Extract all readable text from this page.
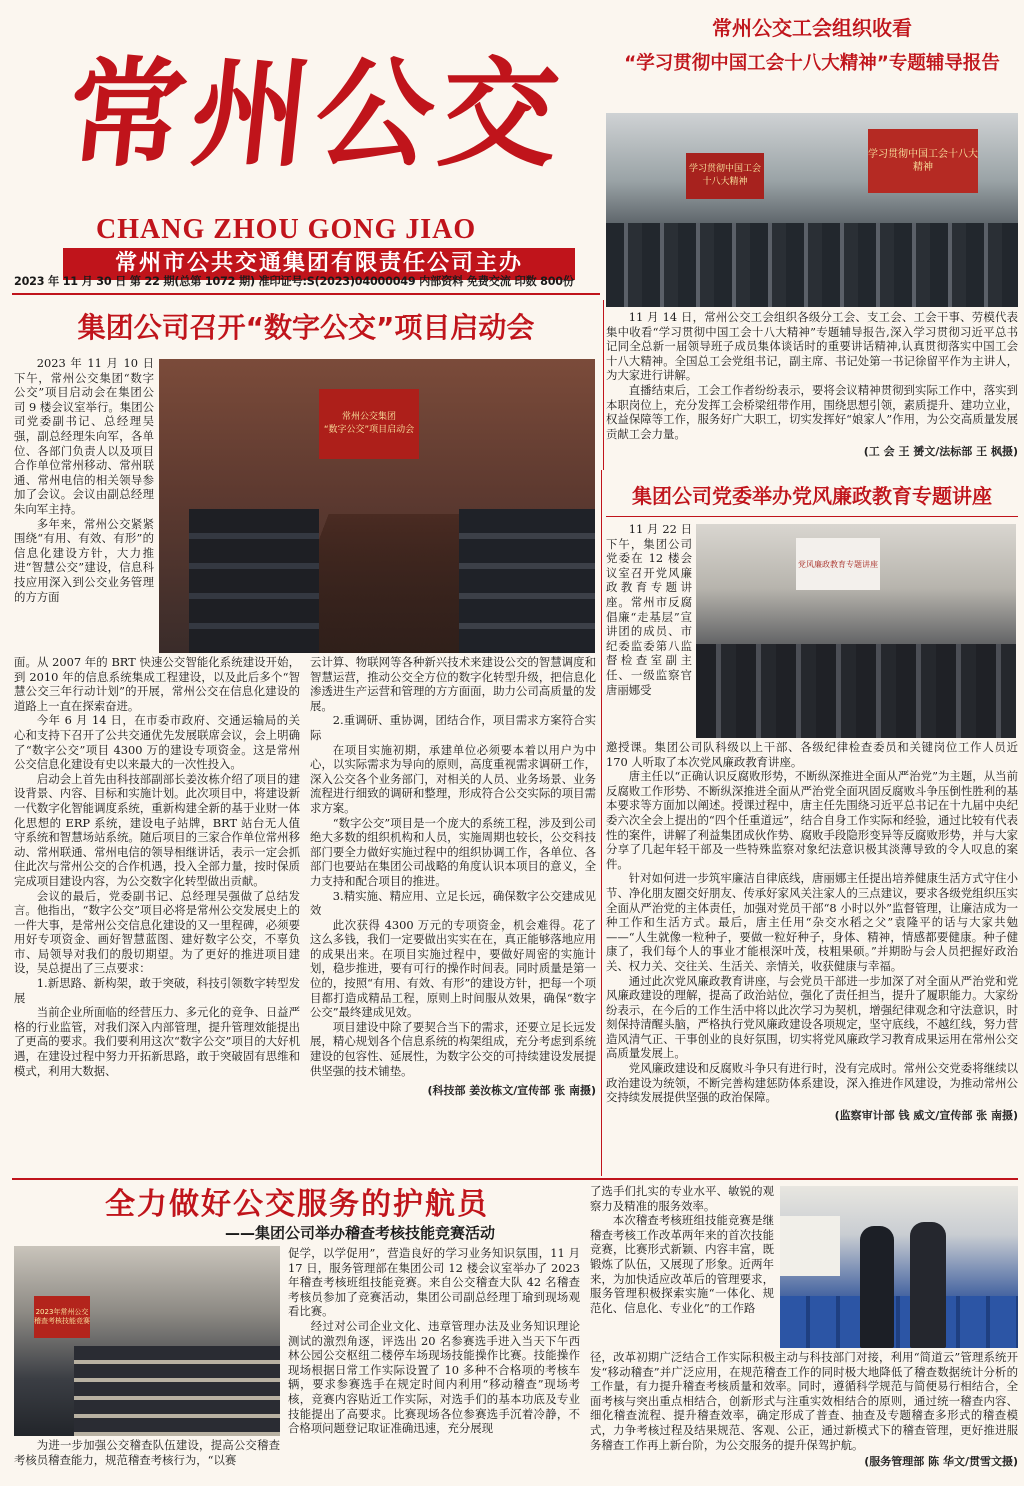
常州公交
CHANG ZHOU GONG JIAO
常州市公共交通集团有限责任公司主办
2023 年 11 月 30 日 第 22 期(总第 1072 期) 准印证号:S(2023)04000049 内部资料 免费交流 印数 800份
常州公交工会组织收看
“学习贯彻中国工会十八大精神”专题辅导报告
学习贯彻中国工会十八大精神
学习贯彻中国工会十八大精神

11 月 14 日，常州公交工会组织各级分工会、支工会、工会干事、劳模代表集中收看“学习贯彻中国工会十八大精神”专题辅导报告,深入学习贯彻习近平总书记同全总新一届领导班子成员集体谈话时的重要讲话精神,认真贯彻落实中国工会十八大精神。全国总工会党组书记，副主席、书记处第一书记徐留平作为主讲人，为大家进行讲解。

直播结束后，工会工作者纷纷表示，要将会议精神贯彻到实际工作中，落实到本职岗位上，充分发挥工会桥梁纽带作用，围绕思想引领，素质提升、建功立业，权益保障等工作，服务好广大职工，切实发挥好“娘家人”作用，为公交高质量发展贡献工会力量。

(工 会 王 赟文/法标部 王 枫摄)

集团公司召开“数字公交”项目启动会
常州公交集团
“数字公交”项目启动会

2023 年 11 月 10 日下午，常州公交集团“数字公交”项目启动会在集团公司 9 楼会议室举行。集团公司党委副书记、总经理吴强，副总经理朱向军，各单位、各部门负责人以及项目合作单位常州移动、常州联通、常州电信的相关领导参加了会议。会议由副总经理朱向军主持。

多年来，常州公交紧紧围绕“有用、有效、有形”的信息化建设方针，大力推进“智慧公交”建设，信息科技应用深入到公交业务管理的方方面

面。从 2007 年的 BRT 快速公交智能化系统建设开始，到 2010 年的信息系统集成工程建设，以及此后多个“智慧公交三年行动计划”的开展，常州公交在信息化建设的道路上一直在探索奋进。

今年 6 月 14 日，在市委市政府、交通运输局的关心和支持下召开了公共交通优先发展联席会议，会上明确了“数字公交”项目 4300 万的建设专项资金。这是常州公交信息化建设有史以来最大的一次性投入。

启动会上首先由科技部副部长姜汝栋介绍了项目的建设背景、内容、目标和实施计划。此次项目中，将建设新一代数字化智能调度系统，重新构建全新的基于业财一体化思想的 ERP 系统，建设电子站牌，BRT 站台无人值守系统和智慧场站系统。随后项目的三家合作单位常州移动、常州联通、常州电信的领导相继讲话，表示一定会抓住此次与常州公交的合作机遇，投入全部力量，按时保质完成项目建设内容，为公交数字化转型做出贡献。

会议的最后，党委副书记、总经理吴强做了总结发言。他指出，“数字公交”项目必将是常州公交发展史上的一件大事，是常州公交信息化建设的又一里程碑，必须要用好专项资金、画好智慧蓝图、建好数字公交，不辜负市、局领导对我们的殷切期望。为了更好的推进项目建设，吴总提出了三点要求：

1.新思路、新构架，敢于突破，科技引领数字转型发展

当前企业所面临的经营压力、多元化的竞争、日益严格的行业监管，对我们深入内部管理，提升管理效能提出了更高的要求。我们要利用这次“数字公交”项目的大好机遇，在建设过程中努力开拓新思路，敢于突破固有思维和模式，利用大数据、

云计算、物联网等各种新兴技术来建设公交的智慧调度和智慧运营，推动公交全方位的数字化转型升级，把信息化渗透进生产运营和管理的方方面面，助力公司高质量的发展。

2.重调研、重协调，团结合作，项目需求方案符合实际

在项目实施初期，承建单位必须要本着以用户为中心，以实际需求为导向的原则，高度重视需求调研工作，深入公交各个业务部门，对相关的人员、业务场景、业务流程进行细致的调研和整理，形成符合公交实际的项目需求方案。

“数字公交”项目是一个庞大的系统工程，涉及到公司绝大多数的组织机构和人员，实施周期也较长，公交科技部门要全力做好实施过程中的组织协调工作，各单位、各部门也要站在集团公司战略的角度认识本项目的意义，全力支持和配合项目的推进。

3.精实施、精应用、立足长远，确保数字公交建成见效

此次获得 4300 万元的专项资金，机会难得。花了这么多钱，我们一定要做出实实在在，真正能够落地应用的成果出来。在项目实施过程中，要做好周密的实施计划，稳步推进，要有可行的操作时间表。同时质量是第一位的，按照“有用、有效、有形”的建设方针，把每一个项目都打造成精品工程，原则上时间服从效果，确保“数字公交”最终建成见效。

项目建设中除了要契合当下的需求，还要立足长远发展，精心规划各个信息系统的构架组成，充分考虑到系统建设的包容性、延展性，为数字公交的可持续建设发展提供坚强的技术铺垫。

(科技部 姜汝栋文/宣传部 张 南摄)

集团公司党委举办党风廉政教育专题讲座
党风廉政教育专题讲座

11 月 22 日下午，集团公司党委在 12 楼会议室召开党风廉政教育专题讲座。常州市反腐倡廉“走基层”宣讲团的成员、市纪委监委第八监督检查室副主任、一级监察官唐丽娜受

邀授课。集团公司队科级以上干部、各级纪律检查委员和关键岗位工作人员近 170 人听取了本次党风廉政教育讲座。

唐主任以“正确认识反腐败形势，不断纵深推进全面从严治党”为主题，从当前反腐败工作形势、不断纵深推进全面从严治党全面巩固反腐败斗争压倒性胜利的基本要求等方面加以阐述。授课过程中，唐主任先围绕习近平总书记在十九届中央纪委六次全会上提出的“四个任重道远”，结合自身工作实际和经验，通过比较有代表性的案件，讲解了利益集团成伙作势、腐败手段隐形变异等反腐败形势，并与大家分享了几起年轻干部及一些特殊监察对象纪法意识极其淡薄导致的令人叹息的案件。

针对如何进一步筑牢廉洁自律底线，唐丽娜主任提出培养健康生活方式守住小节、净化朋友圈交好朋友、传承好家风关注家人的三点建议，要求各级党组织压实全面从严治党的主体责任，加强对党员干部“8 小时以外”监督管理，让廉洁成为一种工作和生活方式。最后，唐主任用“杂交水稻之父”袁隆平的话与大家共勉——“人生就像一粒种子，要做一粒好种子，身体、精神，情感都要健康。种子健康了，我们每个人的事业才能根深叶茂，枝粗果硕。”并期盼与会人员把握好政治关、权力关、交往关、生活关、亲情关，收获健康与幸福。

通过此次党风廉政教育讲座，与会党员干部进一步加深了对全面从严治党和党风廉政建设的理解，提高了政治站位，强化了责任担当，提升了履职能力。大家纷纷表示，在今后的工作生活中将以此次学习为契机，增强纪律观念和守法意识，时刻保持清醒头脑，严格执行党风廉政建设各项规定，坚守底线，不越红线，努力营造风清气正、干事创业的良好氛围，切实将党风廉政学习教育成果运用在常州公交高质量发展上。

党风廉政建设和反腐败斗争只有进行时，没有完成时。常州公交党委将继续以政治建设为统领，不断完善构建惩防体系建设，深入推进作风建设，为推动常州公交持续发展提供坚强的政治保障。

(监察审计部 钱 威文/宣传部 张 南摄)

全力做好公交服务的护航员
——集团公司举办稽查考核技能竞赛活动
2023年常州公交稽查考核技能竞赛

为进一步加强公交稽查队伍建设，提高公交稽查考核员稽查能力，规范稽查考核行为，“以赛

促学，以学促用”，营造良好的学习业务知识氛围，11 月 17 日，服务管理部在集团公司 12 楼会议室举办了 2023 年稽查考核班组技能竞赛。来自公交稽查大队 42 名稽查考核员参加了竞赛活动，集团公司副总经理丁瑜到现场观看比赛。

经过对公司企业文化、违章管理办法及业务知识理论测试的激烈角逐，评选出 20 名参赛选手进入当天下午西林公园公交枢纽二楼停车场现场技能操作比赛。技能操作现场根据日常工作实际设置了 10 多种不合格项的考核车辆，要求参赛选手在规定时间内利用“移动稽查”现场考核，竞赛内容贴近工作实际，对选手们的基本功底及专业技能提出了高要求。比赛现场各位参赛选手沉着冷静，不合格项问题登记取证准确迅速，充分展现

了选手们扎实的专业水平、敏锐的观察力及精准的服务效率。

本次稽查考核班组技能竞赛是继稽查考核工作改革两年来的首次技能竞赛，比赛形式新颖、内容丰富，既锻炼了队伍，又展现了形象。近两年来，为加快适应改革后的管理要求，服务管理积极探索实施“一体化、规范化、信息化、专业化”的工作路

径，改革初期广泛结合工作实际积极主动与科技部门对接，利用“简道云”管理系统开发“移动稽查”并广泛应用，在规范稽查工作的同时极大地降低了稽查数据统计分析的工作量，有力提升稽查考核质量和效率。同时，遵循科学规范与简便易行相结合，全面考核与突出重点相结合，创新形式与注重实效相结合的原则，通过统一稽查内容、细化稽查流程、提升稽查效率，确定形成了普查、抽查及专题稽查多形式的稽查模式，力争考核过程及结果规范、客观、公正，通过新模式下的稽查管理，更好推进服务稽查工作再上新台阶，为公交服务的提升保驾护航。

(服务管理部 陈 华文/贯雪文摄)
